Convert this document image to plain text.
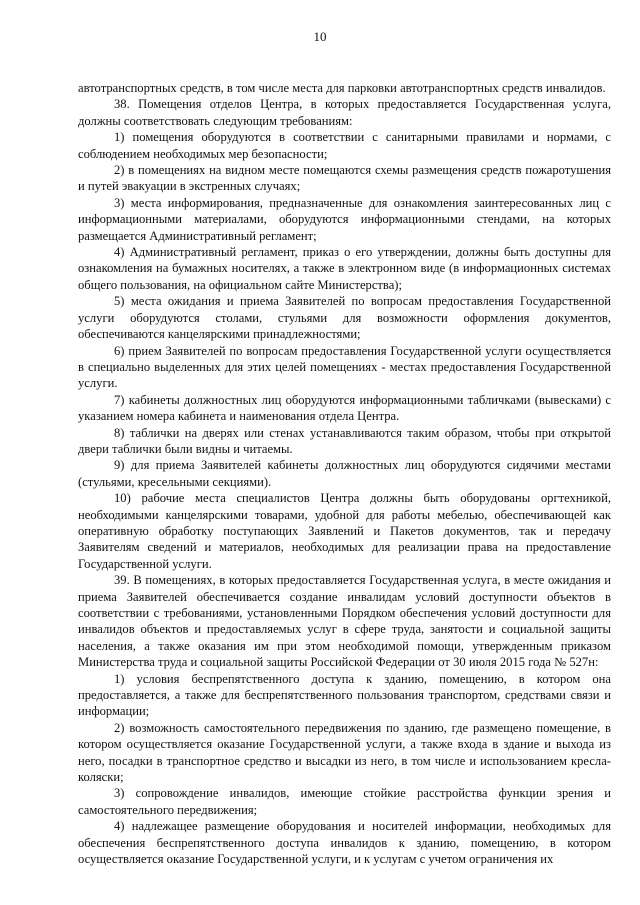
10

автотранспортных средств, в том числе места для парковки автотранспортных средств инвалидов.

38. Помещения отделов Центра, в которых предоставляется Государственная услуга, должны соответствовать следующим требованиям:

1) помещения оборудуются в соответствии с санитарными правилами и нормами, с соблюдением необходимых мер безопасности;

2) в помещениях на видном месте помещаются схемы размещения средств пожаротушения и путей эвакуации в экстренных случаях;

3) места информирования, предназначенные для ознакомления заинтересованных лиц с информационными материалами, оборудуются информационными стендами, на которых размещается Административный регламент;

4) Административный регламент, приказ о его утверждении, должны быть доступны для ознакомления на бумажных носителях, а также в электронном виде (в информационных системах общего пользования, на официальном сайте Министерства);

5) места ожидания и приема Заявителей по вопросам предоставления Государственной услуги оборудуются столами, стульями для возможности оформления документов, обеспечиваются канцелярскими принадлежностями;

6) прием Заявителей по вопросам предоставления Государственной услуги осуществляется в специально выделенных для этих целей помещениях - местах предоставления Государственной услуги.

7) кабинеты должностных лиц оборудуются информационными табличками (вывесками) с указанием номера кабинета и наименования отдела Центра.

8) таблички на дверях или стенах устанавливаются таким образом, чтобы при открытой двери таблички были видны и читаемы.

9) для приема Заявителей кабинеты должностных лиц оборудуются сидячими местами (стульями, кресельными секциями).

10) рабочие места специалистов Центра должны быть оборудованы оргтехникой, необходимыми канцелярскими товарами, удобной для работы мебелью, обеспечивающей как оперативную обработку поступающих Заявлений и Пакетов документов, так и передачу Заявителям сведений и материалов, необходимых для реализации права на предоставление Государственной услуги.

39. В помещениях, в которых предоставляется Государственная услуга, в месте ожидания и приема Заявителей обеспечивается создание инвалидам условий доступности объектов в соответствии с требованиями, установленными Порядком обеспечения условий доступности для инвалидов объектов и предоставляемых услуг в сфере труда, занятости и социальной защиты населения, а также оказания им при этом необходимой помощи, утвержденным приказом Министерства труда и социальной защиты Российской Федерации от 30 июля 2015 года № 527н:

1) условия беспрепятственного доступа к зданию, помещению, в котором она предоставляется, а также для беспрепятственного пользования транспортом, средствами связи и информации;

2) возможность самостоятельного передвижения по зданию, где размещено помещение, в котором осуществляется оказание Государственной услуги, а также входа в здание и выхода из него, посадки в транспортное средство и высадки из него, в том числе и использованием кресла-коляски;

3) сопровождение инвалидов, имеющие стойкие расстройства функции зрения и самостоятельного передвижения;

4) надлежащее размещение оборудования и носителей информации, необходимых для обеспечения беспрепятственного доступа инвалидов к зданию, помещению, в котором осуществляется оказание Государственной услуги, и к услугам с учетом ограничения их
